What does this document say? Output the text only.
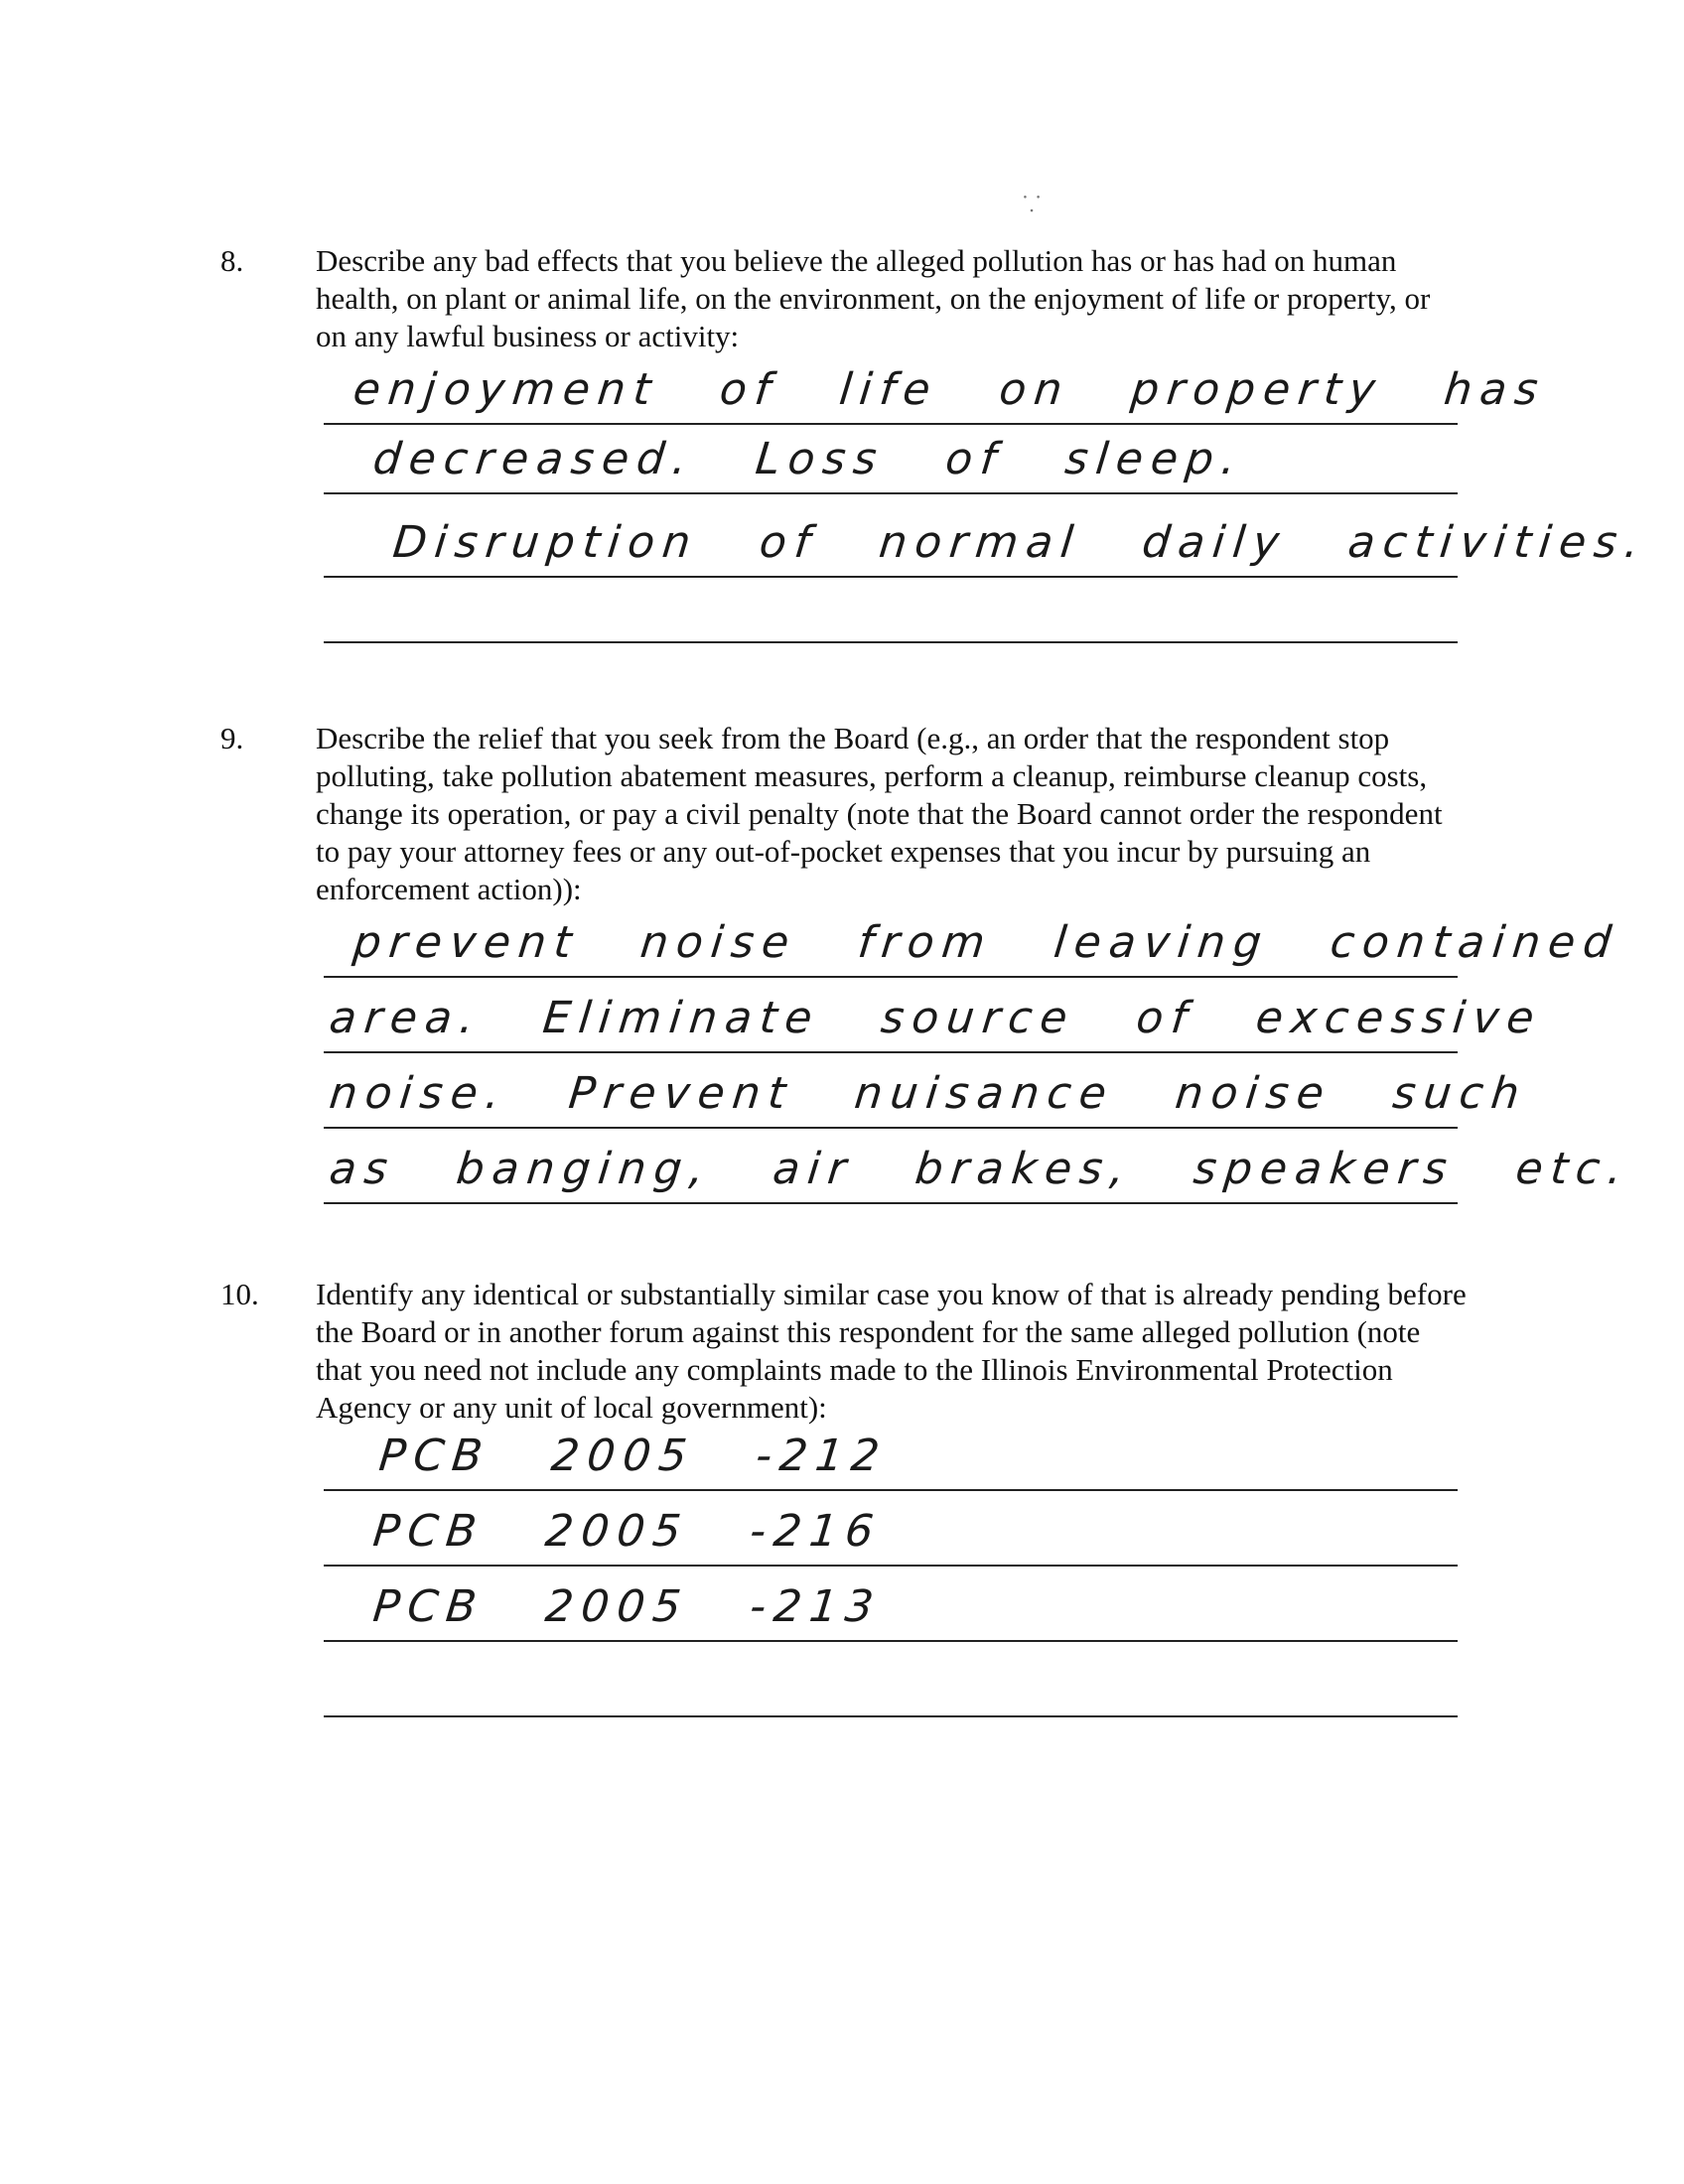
⸪
8. Describe any bad effects that you believe the alleged pollution has or has had on human health, on plant or animal life, on the environment, on the enjoyment of life or property, or on any lawful business or activity:
enjoyment of life on property has
decreased. Loss of sleep.
Disruption of normal daily activities.
9. Describe the relief that you seek from the Board (e.g., an order that the respondent stop polluting, take pollution abatement measures, perform a cleanup, reimburse cleanup costs, change its operation, or pay a civil penalty (note that the Board cannot order the respondent to pay your attorney fees or any out-of-pocket expenses that you incur by pursuing an enforcement action)):
prevent noise from leaving contained
area. Eliminate source of excessive
noise. Prevent nuisance noise such
as banging, air brakes, speakers etc.
10. Identify any identical or substantially similar case you know of that is already pending before the Board or in another forum against this respondent for the same alleged pollution (note that you need not include any complaints made to the Illinois Environmental Protection Agency or any unit of local government):
PCB 2005 -212
PCB 2005 -216
PCB 2005 -213
